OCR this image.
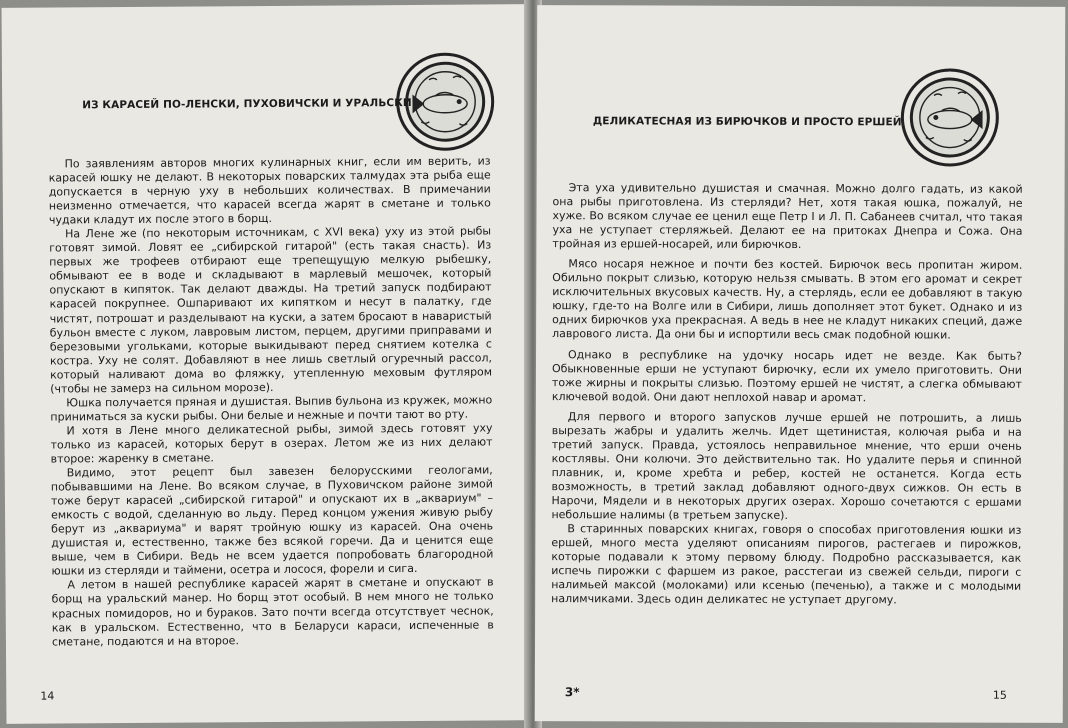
ИЗ КАРАСЕЙ ПО-ЛЕНСКИ, ПУХОВИЧСКИ И УРАЛЬСКИ

По заявлениям авторов многих кулинарных книг, если им верить, из карасей юшку не делают. В некоторых поварских талмудах эта рыба еще допускается в черную уху в небольших количествах. В примечании неизменно отмечается, что карасей всегда жарят в сметане и только чудаки кладут их после этого в борщ.

На Лене же (по некоторым источникам, с XVI века) уху из этой рыбы готовят зимой. Ловят ее „сибирской гитарой" (есть такая снасть). Из первых же трофеев отбирают еще трепещущую мелкую рыбешку, обмывают ее в воде и складывают в марлевый мешочек, который опускают в кипяток. Так делают дважды. На третий запуск подбирают карасей покрупнее. Ошпаривают их кипятком и несут в палатку, где чистят, потрошат и разделывают на куски, а затем бросают в наваристый бульон вместе с луком, лавровым листом, перцем, другими приправами и березовыми угольками, которые выкидывают перед снятием котелка с костра. Уху не солят. Добавляют в нее лишь светлый огуречный рассол, который наливают дома во фляжку, утепленную меховым футляром (чтобы не замерз на сильном морозе).

Юшка получается пряная и душистая. Выпив бульона из кружек, можно приниматься за куски рыбы. Они белые и нежные и почти тают во рту.

И хотя в Лене много деликатесной рыбы, зимой здесь готовят уху только из карасей, которых берут в озерах. Летом же из них делают второе: жаренку в сметане.

Видимо, этот рецепт был завезен белорусскими геологами, побывавшими на Лене. Во всяком случае, в Пуховичском районе зимой тоже берут карасей „сибирской гитарой" и опускают их в „аквариум" – емкость с водой, сделанную во льду. Перед концом ужения живую рыбу берут из „аквариума" и варят тройную юшку из карасей. Она очень душистая и, естественно, также без всякой горечи. Да и ценится еще выше, чем в Сибири. Ведь не всем удается попробовать благородной юшки из стерляди и таймени, осетра и лосося, форели и сига.

А летом в нашей республике карасей жарят в сметане и опускают в борщ на уральский манер. Но борщ этот особый. В нем много не только красных помидоров, но и бураков. Зато почти всегда отсутствует чеснок, как в уральском. Естественно, что в Беларуси караси, испеченные в сметане, подаются и на второе.

14
ДЕЛИКАТЕСНАЯ ИЗ БИРЮЧКОВ И ПРОСТО ЕРШЕЙ

Эта уха удивительно душистая и смачная. Можно долго гадать, из какой она рыбы приготовлена. Из стерляди? Нет, хотя такая юшка, пожалуй, не хуже. Во всяком случае ее ценил еще Петр I и Л. П. Сабанеев считал, что такая уха не уступает стерляжьей. Делают ее на притоках Днепра и Сожа. Она тройная из ершей-носарей, или бирючков.

Мясо носаря нежное и почти без костей. Бирючок весь пропитан жиром. Обильно покрыт слизью, которую нельзя смывать. В этом его аромат и секрет исключительных вкусовых качеств. Ну, а стерлядь, если ее добавляют в такую юшку, где-то на Волге или в Сибири, лишь дополняет этот букет. Однако и из одних бирючков уха прекрасная. А ведь в нее не кладут никаких специй, даже лаврового листа. Да они бы и испортили весь смак подобной юшки.

Однако в республике на удочку носарь идет не везде. Как быть? Обыкновенные ерши не уступают бирючку, если их умело приготовить. Они тоже жирны и покрыты слизью. Поэтому ершей не чистят, а слегка обмывают ключевой водой. Они дают неплохой навар и аромат.

Для первого и второго запусков лучше ершей не потрошить, а лишь вырезать жабры и удалить желчь. Идет щетинистая, колючая рыба и на третий запуск. Правда, устоялось неправильное мнение, что ерши очень костлявы. Они колючи. Это действительно так. Но удалите перья и спинной плавник, и, кроме хребта и ребер, костей не останется. Когда есть возможность, в третий заклад добавляют одного-двух сижков. Он есть в Нарочи, Мядели и в некоторых других озерах. Хорошо сочетаются с ершами небольшие налимы (в третьем запуске).

В старинных поварских книгах, говоря о способах приготовления юшки из ершей, много места уделяют описаниям пирогов, растегаев и пирожков, которые подавали к этому первому блюду. Подробно рассказывается, как испечь пирожки с фаршем из ракое, расстегаи из свежей сельди, пироги с налимьей максой (молоками) или ксенью (печенью), а также и с молодыми налимчиками. Здесь один деликатес не уступает другому.

3*	15
